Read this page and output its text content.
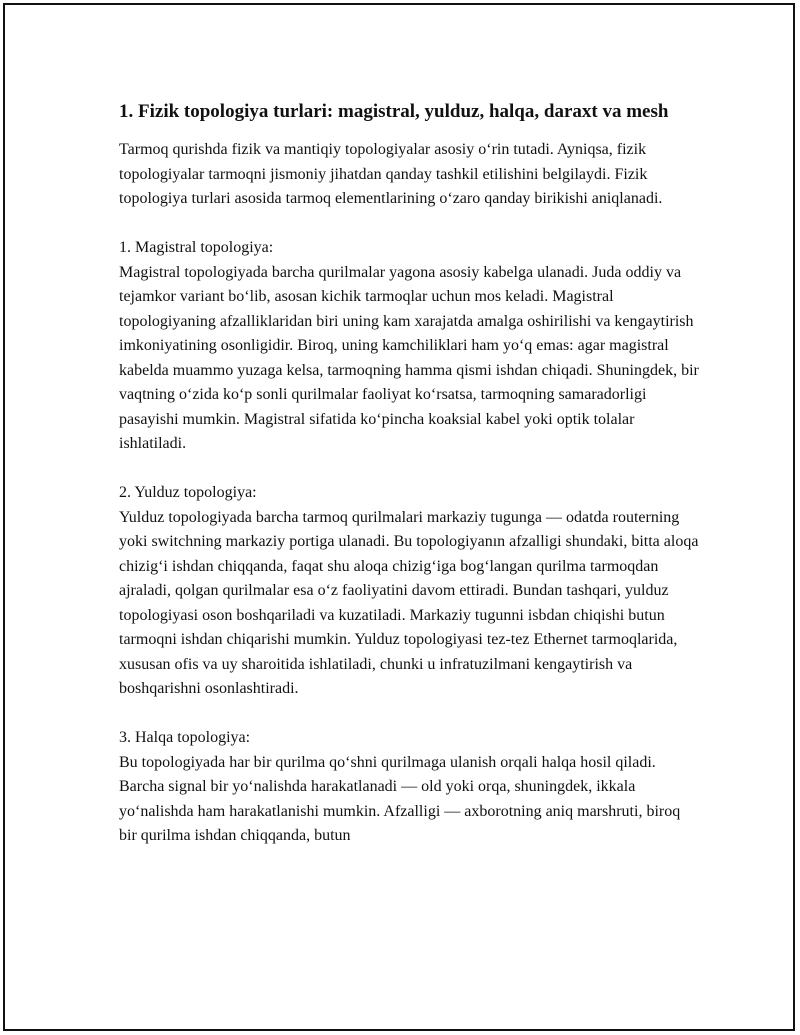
1. Fizik topologiya turlari: magistral, yulduz, halqa, daraxt va mesh

Tarmoq qurishda fizik va mantiqiy topologiyalar asosiy o‘rin tutadi. Ayniqsa, fizik topologiyalar tarmoqni jismoniy jihatdan qanday tashkil etilishini belgilaydi. Fizik topologiya turlari asosida tarmoq elementlarining o‘zaro qanday birikishi aniqlanadi.

1. Magistral topologiya:
Magistral topologiyada barcha qurilmalar yagona asosiy kabelga ulanadi. Juda oddiy va tejamkor variant bo‘lib, asosan kichik tarmoqlar uchun mos keladi. Magistral topologiyaning afzalliklaridan biri uning kam xarajatda amalga oshirilishi va kengaytirish imkoniyatining osonligidir. Biroq, uning kamchiliklari ham yo‘q emas: agar magistral kabelda muammo yuzaga kelsa, tarmoqning hamma qismi ishdan chiqadi. Shuningdek, bir vaqtning o‘zida ko‘p sonli qurilmalar faoliyat ko‘rsatsa, tarmoqning samaradorligi pasayishi mumkin. Magistral sifatida ko‘pincha koaksial kabel yoki optik tolalar ishlatiladi.
2. Yulduz topologiya:
Yulduz topologiyada barcha tarmoq qurilmalari markaziy tugunga — odatda routerning yoki switchning markaziy portiga ulanadi. Bu topologiyanın afzalligi shundaki, bitta aloqa chizig‘i ishdan chiqqanda, faqat shu aloqa chizig‘iga bog‘langan qurilma tarmoqdan ajraladi, qolgan qurilmalar esa o‘z faoliyatini davom ettiradi. Bundan tashqari, yulduz topologiyasi oson boshqariladi va kuzatiladi. Markaziy tugunni isbdan chiqishi butun tarmoqni ishdan chiqarishi mumkin. Yulduz topologiyasi tez-tez Ethernet tarmoqlarida, xususan ofis va uy sharoitida ishlatiladi, chunki u infratuzilmani kengaytirish va boshqarishni osonlashtiradi.
3. Halqa topologiya:
Bu topologiyada har bir qurilma qo‘shni qurilmaga ulanish orqali halqa hosil qiladi. Barcha signal bir yo‘nalishda harakatlanadi — old yoki orqa, shuningdek, ikkala yo‘nalishda ham harakatlanishi mumkin. Afzalligi — axborotning aniq marshruti, biroq bir qurilma ishdan chiqqanda, butun
